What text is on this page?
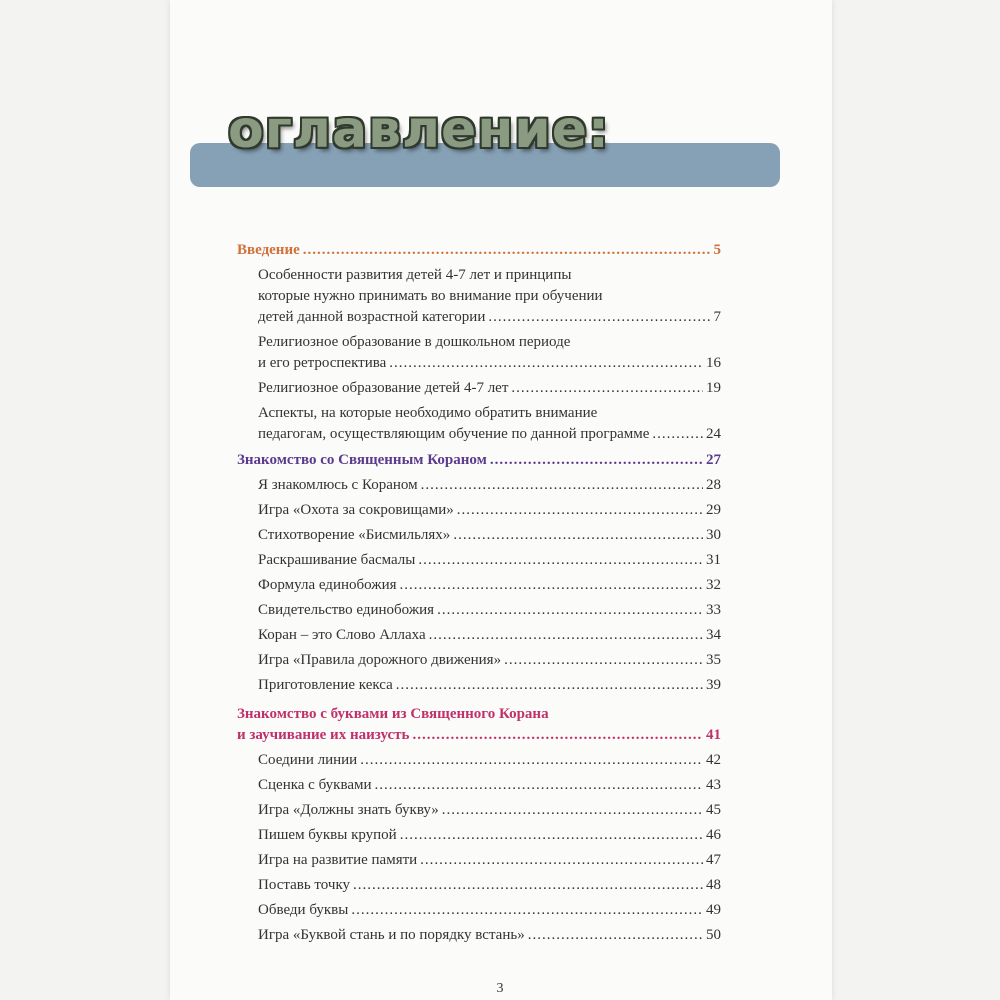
оглавление:
Введение .....	5
Особенности развития детей 4-7 лет и принципы
которые нужно принимать во внимание при обучении
детей данной возрастной категории .....	7
Религиозное образование в дошкольном периоде
и его ретроспектива .....	16
Религиозное образование детей 4-7 лет .....	19
Аспекты, на которые необходимо обратить внимание
педагогам, осуществляющим обучение по данной программе .....	24
Знакомство со Священным Кораном .....	27
Я знакомлюсь с Кораном .....	28
Игра «Охота за сокровищами» .....	29
Стихотворение «Бисмильлях» .....	30
Раскрашивание басмалы .....	31
Формула единобожия .....	32
Свидетельство единобожия .....	33
Коран – это Слово Аллаха .....	34
Игра «Правила дорожного движения» .....	35
Приготовление кекса .....	39
Знакомство с буквами из Священного Корана
и заучивание их наизусть .....	41
Соедини линии .....	42
Сценка с буквами .....	43
Игра «Должны знать букву» .....	45
Пишем буквы крупой .....	46
Игра на развитие памяти .....	47
Поставь точку .....	48
Обведи буквы .....	49
Игра «Буквой стань и по порядку встань» .....	50
3
